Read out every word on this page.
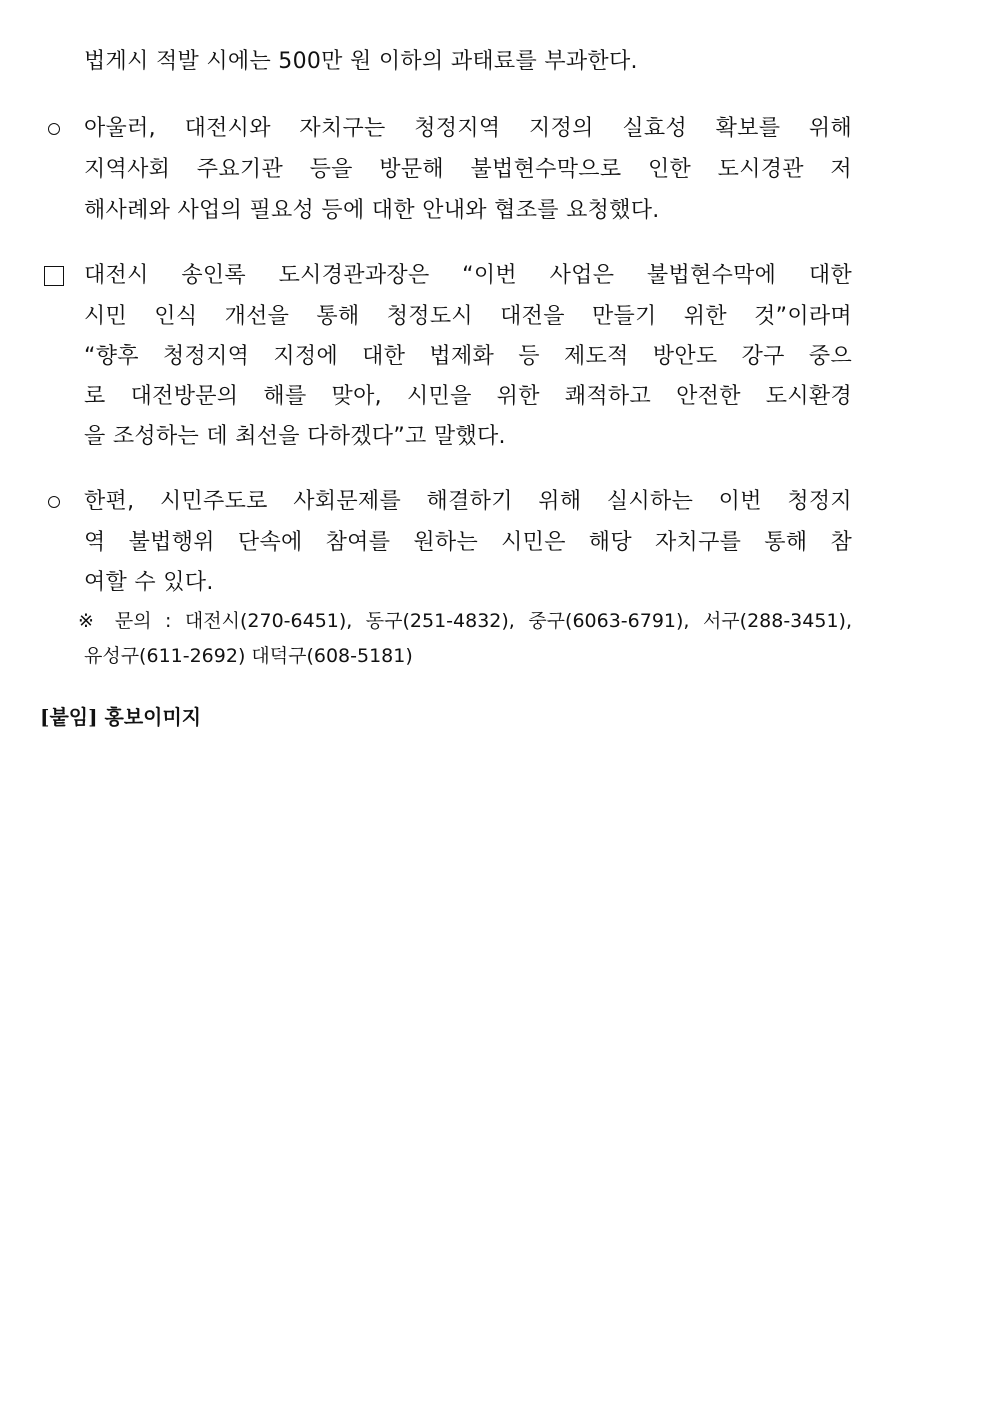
법게시 적발 시에는 500만 원 이하의 과태료를 부과한다.
아울러, 대전시와 자치구는 청정지역 지정의 실효성 확보를 위해
지역사회 주요기관 등을 방문해 불법현수막으로 인한 도시경관 저
해사례와 사업의 필요성 등에 대한 안내와 협조를 요청했다.
대전시 송인록 도시경관과장은 “이번 사업은 불법현수막에 대한
시민 인식 개선을 통해 청정도시 대전을 만들기 위한 것”이라며
“향후 청정지역 지정에 대한 법제화 등 제도적 방안도 강구 중으
로 대전방문의 해를 맞아, 시민을 위한 쾌적하고 안전한 도시환경
을 조성하는 데 최선을 다하겠다”고 말했다.
한편, 시민주도로 사회문제를 해결하기 위해 실시하는 이번 청정지
역 불법행위 단속에 참여를 원하는 시민은 해당 자치구를 통해 참
여할 수 있다.
※ 문의 : 대전시(270-6451), 동구(251-4832), 중구(6063-6791), 서구(288-3451),
유성구(611-2692) 대덕구(608-5181)
[붙임] 홍보이미지
